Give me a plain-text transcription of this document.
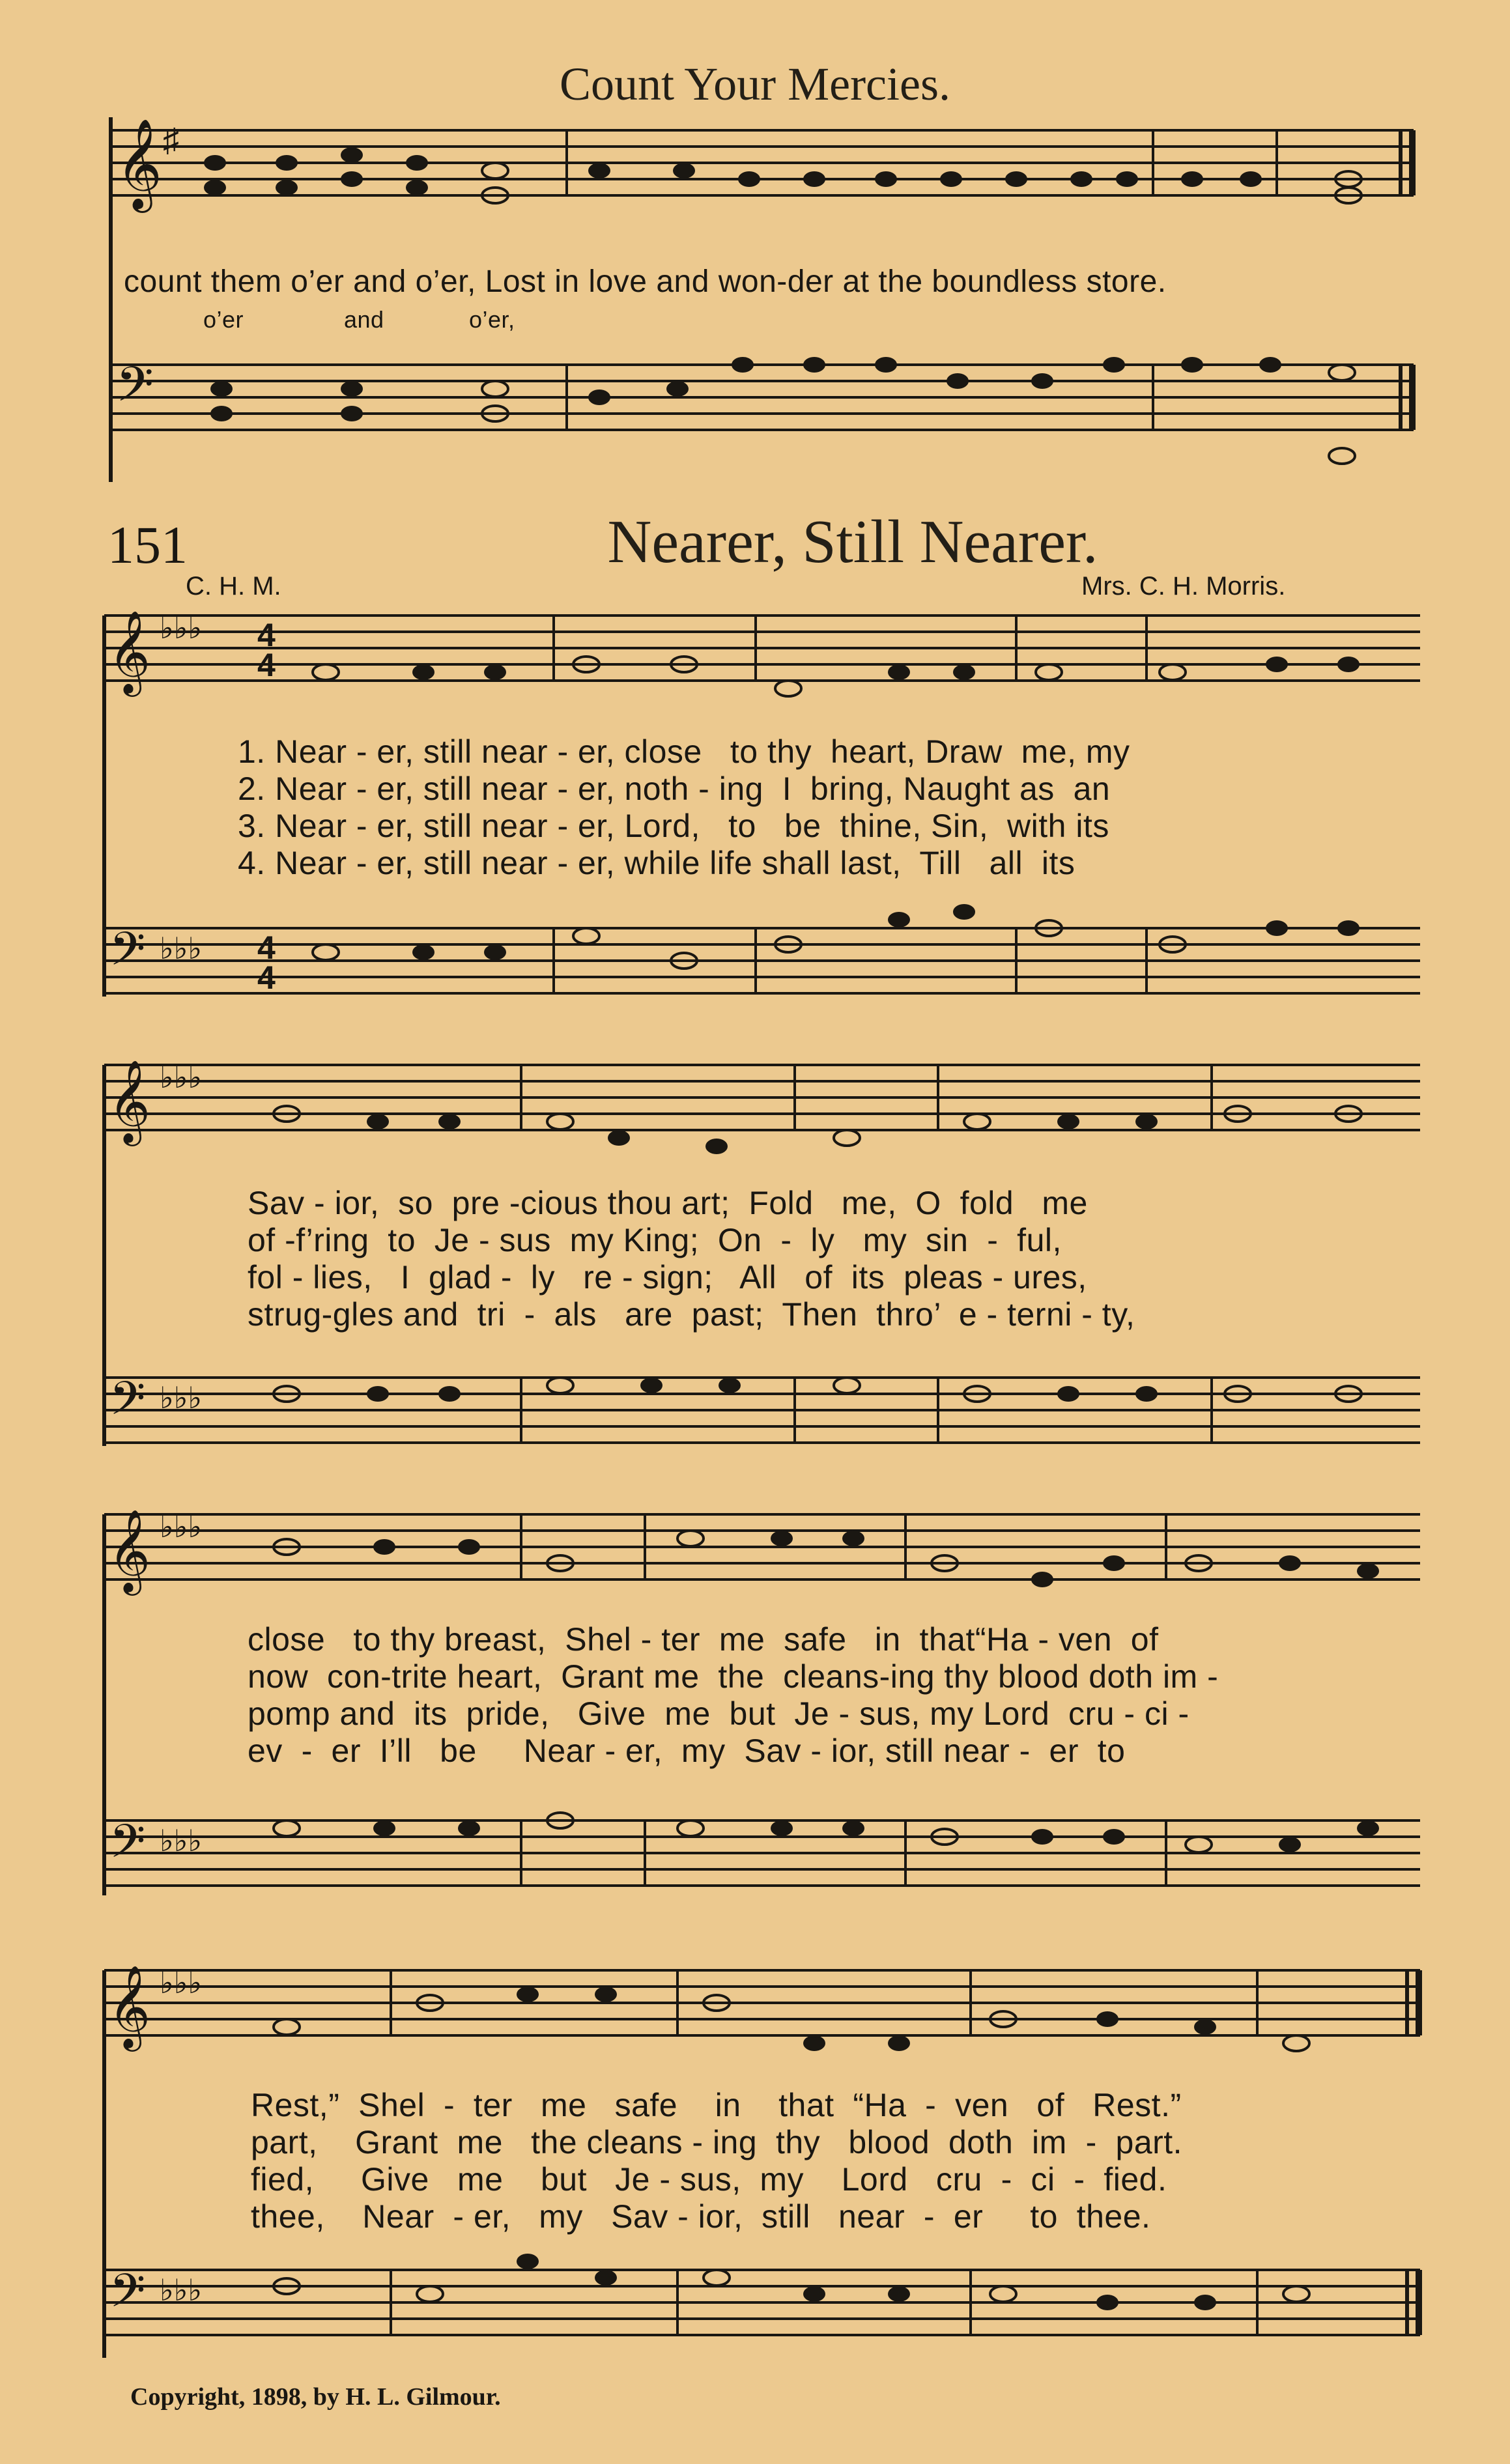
Count Your Mercies.
𝄞 ♯
count them o’er and o’er, Lost in love and won-der at the boundless store.
o’er	and	o’er,
𝄢
151	Nearer, Still Nearer.
C. H. M.	Mrs. C. H. Morris.
𝄞 ♭♭♭ 4
4
1. Near - er, still near - er, close   to thy  heart, Draw  me, my
2. Near - er, still near - er, noth - ing  I  bring, Naught as  an
3. Near - er, still near - er, Lord,   to   be  thine, Sin,  with its
4. Near - er, still near - er, while life shall last,  Till   all  its
𝄢 ♭♭♭ 4
4
𝄞 ♭♭♭
Sav - ior,  so  pre -cious thou art;  Fold   me,  O  fold   me
of -f’ring  to  Je - sus  my King;  On  -  ly   my  sin  -  ful,
fol - lies,   I  glad -  ly   re - sign;   All   of  its  pleas - ures,
strug-gles and  tri  -  als   are  past;  Then  thro’  e - terni - ty,
𝄢 ♭♭♭
𝄞 ♭♭♭
close   to thy breast,  Shel - ter  me  safe   in  that“Ha - ven  of
now  con-trite heart,  Grant me  the  cleans-ing thy blood doth im -
pomp and  its  pride,   Give  me  but  Je - sus, my Lord  cru - ci -
ev  -  er  I’ll   be     Near - er,  my  Sav - ior, still near -  er  to
𝄢 ♭♭♭
𝄞 ♭♭♭
Rest,”  Shel  -  ter   me   safe    in    that  “Ha  -  ven   of   Rest.”
part,    Grant  me   the cleans - ing  thy   blood  doth  im  -  part.
fied,     Give   me    but   Je - sus,  my    Lord   cru  -  ci  -  fied.
thee,    Near  - er,   my   Sav - ior,  still   near  -  er     to  thee.
𝄢 ♭♭♭
Copyright, 1898, by H. L. Gilmour.
